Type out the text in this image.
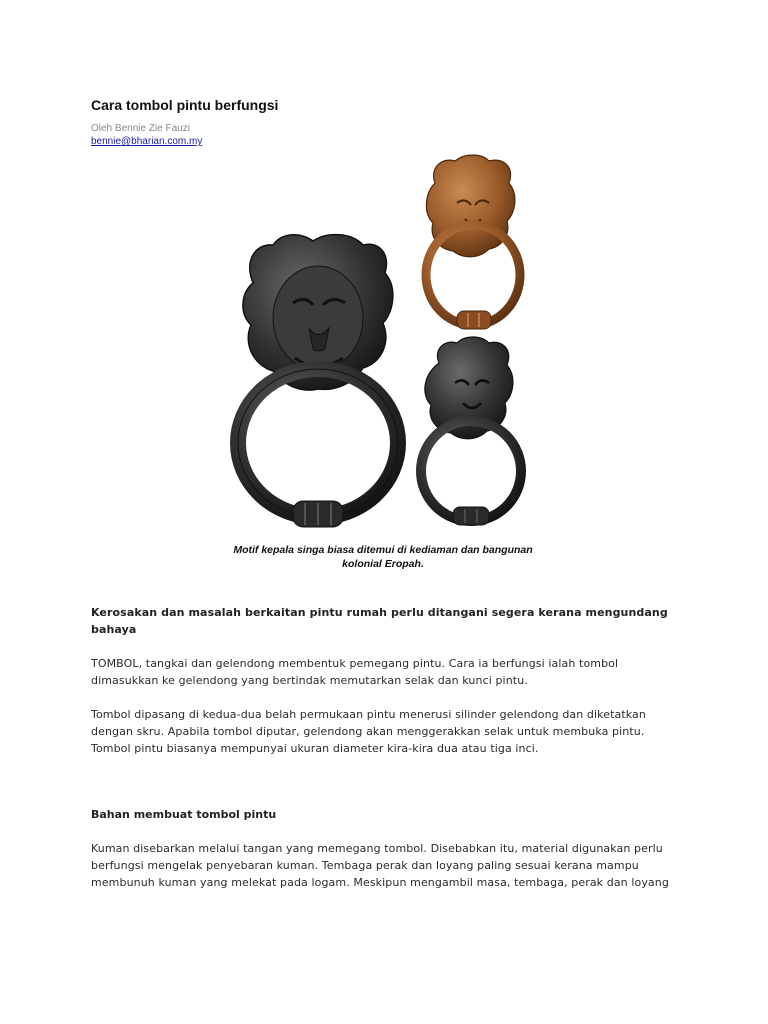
Cara tombol pintu berfungsi
Oleh Bennie Zie Fauzi
bennie@bharian.com.my
Motif kepala singa biasa ditemui di kediaman dan bangunan
kolonial Eropah.
Kerosakan dan masalah berkaitan pintu rumah perlu ditangani segera kerana mengundang
bahaya
TOMBOL, tangkai dan gelendong membentuk pemegang pintu. Cara ia berfungsi ialah tombol
dimasukkan ke gelendong yang bertindak memutarkan selak dan kunci pintu.
Tombol dipasang di kedua-dua belah permukaan pintu menerusi silinder gelendong dan diketatkan
dengan skru. Apabila tombol diputar, gelendong akan menggerakkan selak untuk membuka pintu.
Tombol pintu biasanya mempunyai ukuran diameter kira-kira dua atau tiga inci.
Bahan membuat tombol pintu
Kuman disebarkan melalui tangan yang memegang tombol. Disebabkan itu, material digunakan perlu
berfungsi mengelak penyebaran kuman. Tembaga perak dan loyang paling sesuai kerana mampu
membunuh kuman yang melekat pada logam. Meskipun mengambil masa, tembaga, perak dan loyang
